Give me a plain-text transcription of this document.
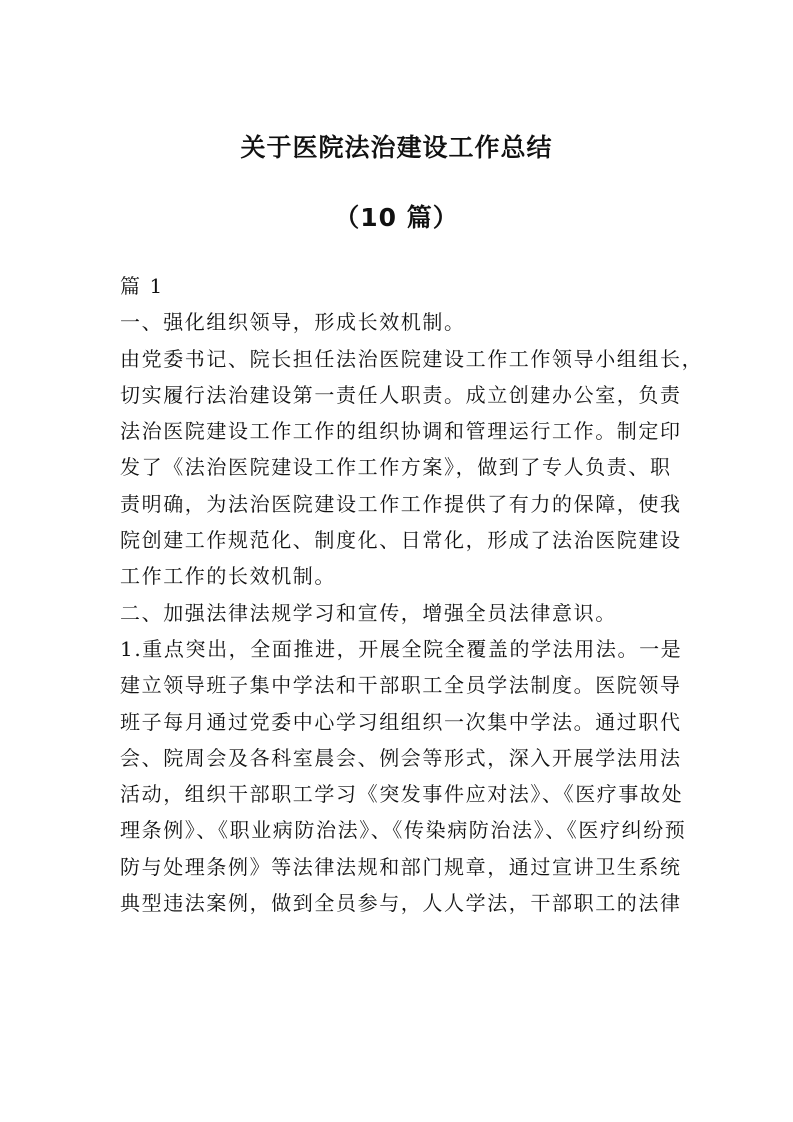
关于医院法治建设工作总结
（10 篇）
篇 1
一、强化组织领导，形成长效机制。
由党委书记、院长担任法治医院建设工作工作领导小组组长，
切实履行法治建设第一责任人职责。成立创建办公室，负责
法治医院建设工作工作的组织协调和管理运行工作。制定印
发了《法治医院建设工作工作方案》，做到了专人负责、职
责明确，为法治医院建设工作工作提供了有力的保障，使我
院创建工作规范化、制度化、日常化，形成了法治医院建设
工作工作的长效机制。
二、加强法律法规学习和宣传，增强全员法律意识。
1.重点突出，全面推进，开展全院全覆盖的学法用法。一是
建立领导班子集中学法和干部职工全员学法制度。医院领导
班子每月通过党委中心学习组组织一次集中学法。通过职代
会、院周会及各科室晨会、例会等形式，深入开展学法用法
活动，组织干部职工学习《突发事件应对法》、《医疗事故处
理条例》、《职业病防治法》、《传染病防治法》、《医疗纠纷预
防与处理条例》等法律法规和部门规章，通过宣讲卫生系统
典型违法案例，做到全员参与，人人学法，干部职工的法律
